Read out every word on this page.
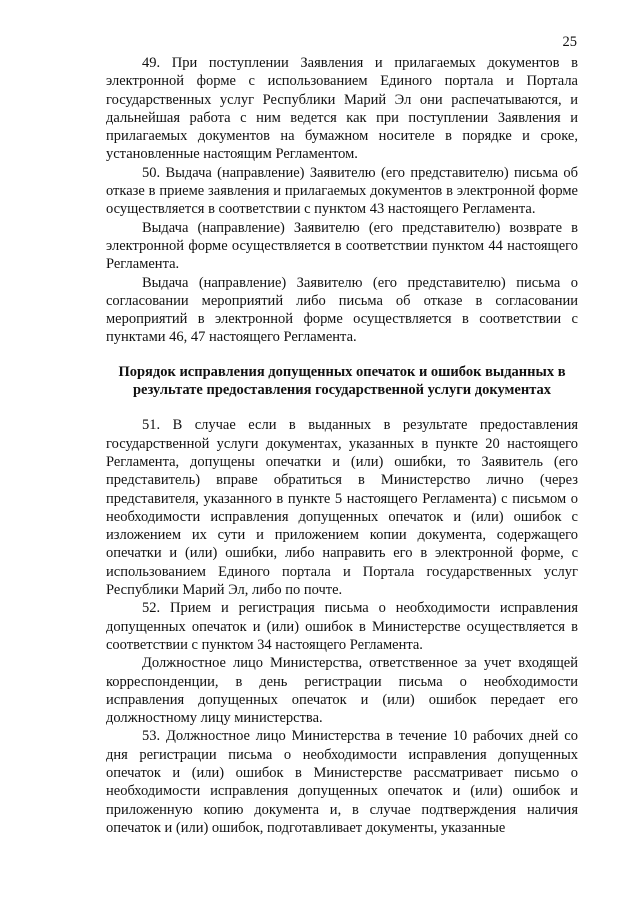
25

49. При поступлении Заявления и прилагаемых документов в электронной форме с использованием Единого портала и Портала государственных услуг Республики Марий Эл они распечатываются, и дальнейшая работа с ним ведется как при поступлении Заявления и прилагаемых документов на бумажном носителе в порядке и сроке, установленные настоящим Регламентом.

50. Выдача (направление) Заявителю (его представителю) письма об отказе в приеме заявления и прилагаемых документов в электронной форме осуществляется в соответствии с пунктом 43 настоящего Регламента.

Выдача (направление) Заявителю (его представителю) возврате в электронной форме осуществляется в соответствии пунктом 44 настоящего Регламента.

Выдача (направление) Заявителю (его представителю) письма о согласовании мероприятий либо письма об отказе в согласовании мероприятий в электронной форме осуществляется в соответствии с пунктами 46, 47 настоящего Регламента.

Порядок исправления допущенных опечаток и ошибок выданных в результате предоставления государственной услуги документах

51. В случае если в выданных в результате предоставления государственной услуги документах, указанных в пункте 20 настоящего Регламента, допущены опечатки и (или) ошибки, то Заявитель (его представитель) вправе обратиться в Министерство лично (через представителя, указанного в пункте 5 настоящего Регламента) с письмом о необходимости исправления допущенных опечаток и (или) ошибок с изложением их сути и приложением копии документа, содержащего опечатки и (или) ошибки, либо направить его в электронной форме, с использованием Единого портала и Портала государственных услуг Республики Марий Эл, либо по почте.

52. Прием и регистрация письма о необходимости исправления допущенных опечаток и (или) ошибок в Министерстве осуществляется в соответствии с пунктом 34 настоящего Регламента.

Должностное лицо Министерства, ответственное за учет входящей корреспонденции, в день регистрации письма о необходимости исправления допущенных опечаток и (или) ошибок передает его должностному лицу министерства.

53. Должностное лицо Министерства в течение 10 рабочих дней со дня регистрации письма о необходимости исправления допущенных опечаток и (или) ошибок в Министерстве рассматривает письмо о необходимости исправления допущенных опечаток и (или) ошибок и приложенную копию документа и, в случае подтверждения наличия опечаток и (или) ошибок, подготавливает документы, указанные
